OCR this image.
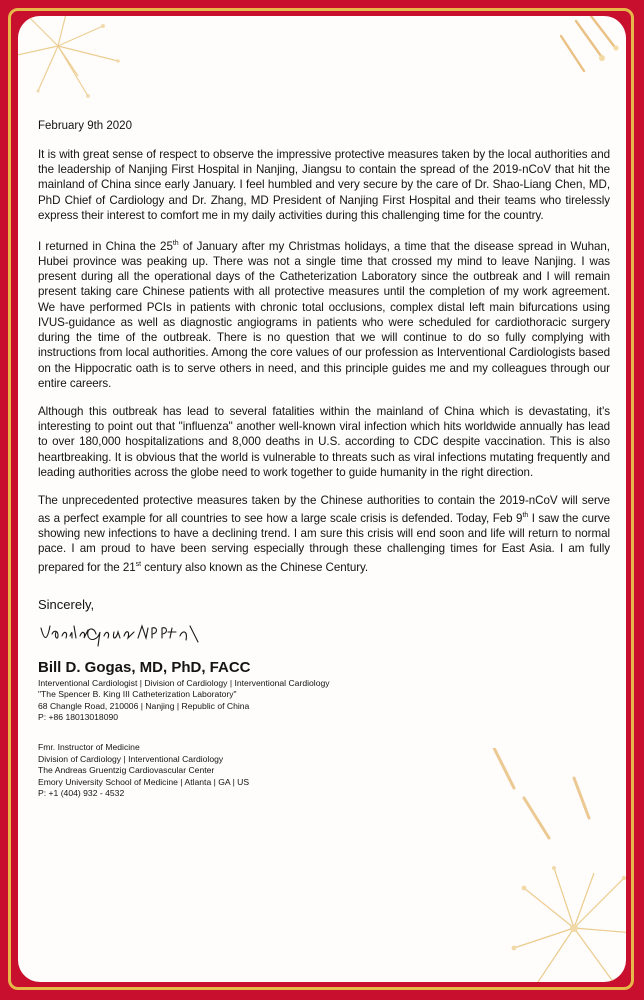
February 9th 2020

It is with great sense of respect to observe the impressive protective measures taken by the local authorities and the leadership of Nanjing First Hospital in Nanjing, Jiangsu to contain the spread of the 2019-nCoV that hit the mainland of China since early January. I feel humbled and very secure by the care of Dr. Shao-Liang Chen, MD, PhD Chief of Cardiology and Dr. Zhang, MD President of Nanjing First Hospital and their teams who tirelessly express their interest to comfort me in my daily activities during this challenging time for the country.

I returned in China the 25th of January after my Christmas holidays, a time that the disease spread in Wuhan, Hubei province was peaking up. There was not a single time that crossed my mind to leave Nanjing. I was present during all the operational days of the Catheterization Laboratory since the outbreak and I will remain present taking care Chinese patients with all protective measures until the completion of my work agreement. We have performed PCIs in patients with chronic total occlusions, complex distal left main bifurcations using IVUS-guidance as well as diagnostic angiograms in patients who were scheduled for cardiothoracic surgery during the time of the outbreak. There is no question that we will continue to do so fully complying with instructions from local authorities. Among the core values of our profession as Interventional Cardiologists based on the Hippocratic oath is to serve others in need, and this principle guides me and my colleagues through our entire careers.

Although this outbreak has lead to several fatalities within the mainland of China which is devastating, it's interesting to point out that "influenza" another well-known viral infection which hits worldwide annually has lead to over 180,000 hospitalizations and 8,000 deaths in U.S. according to CDC despite vaccination. This is also heartbreaking. It is obvious that the world is vulnerable to threats such as viral infections mutating frequently and leading authorities across the globe need to work together to guide humanity in the right direction.

The unprecedented protective measures taken by the Chinese authorities to contain the 2019-nCoV will serve as a perfect example for all countries to see how a large scale crisis is defended. Today, Feb 9th I saw the curve showing new infections to have a declining trend. I am sure this crisis will end soon and life will return to normal pace. I am proud to have been serving especially through these challenging times for East Asia. I am fully prepared for the 21st century also known as the Chinese Century.

Sincerely,
Bill D. Gogas, MD, PhD, FACC
Interventional Cardiologist | Division of Cardiology | Interventional Cardiology
"The Spencer B. King III Catheterization Laboratory"
68 Changle Road, 210006 | Nanjing | Republic of China
P: +86 18013018090
Fmr. Instructor of Medicine
Division of Cardiology | Interventional Cardiology
The Andreas Gruentzig Cardiovascular Center
Emory University School of Medicine | Atlanta | GA | US
P: +1 (404) 932 - 4532
